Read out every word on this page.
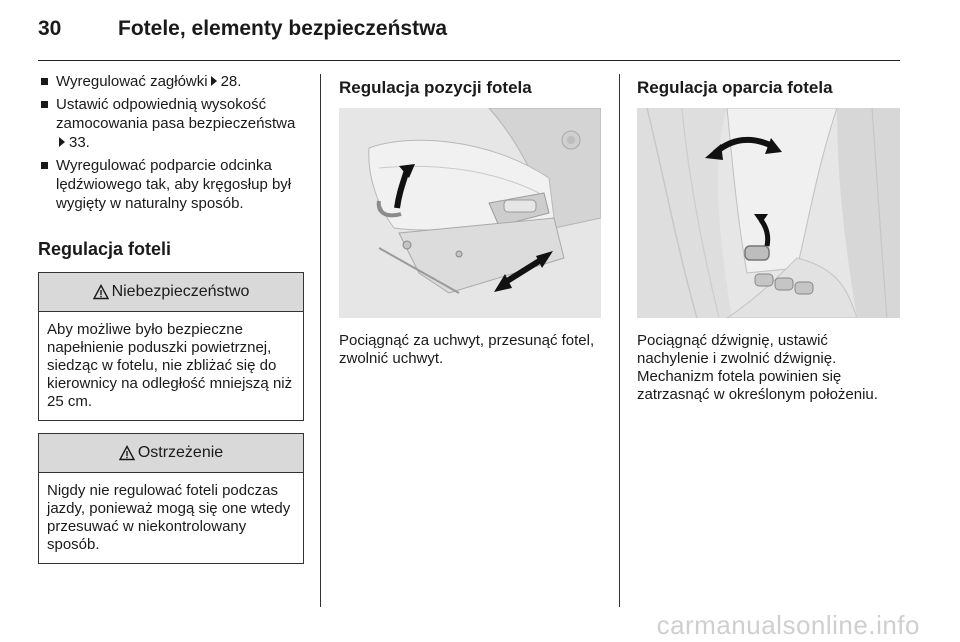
30	Fotele, elementy bezpieczeństwa
Wyregulować zagłówki 28.
Ustawić odpowiednią wysokość zamocowania pasa bezpieczeństwa33.
Wyregulować podparcie odcinka lędźwiowego tak, aby kręgosłup był wygięty w naturalny sposób.
Regulacja foteli
Niebezpieczeństwo
Aby możliwe było bezpieczne napełnienie poduszki powietrznej, siedząc w fotelu, nie zbliżać się do kierownicy na odległość mniejszą niż 25 cm.
Ostrzeżenie
Nigdy nie regulować foteli podczas jazdy, ponieważ mogą się one wtedy przesuwać w niekontrolowany sposób.
Regulacja pozycji fotela
Pociągnąć za uchwyt, przesunąć fotel, zwolnić uchwyt.
Regulacja oparcia fotela
Pociągnąć dźwignię, ustawić nachylenie i zwolnić dźwignię. Mechanizm fotela powinien się zatrzasnąć w określonym położeniu.
carmanualsonline.info
